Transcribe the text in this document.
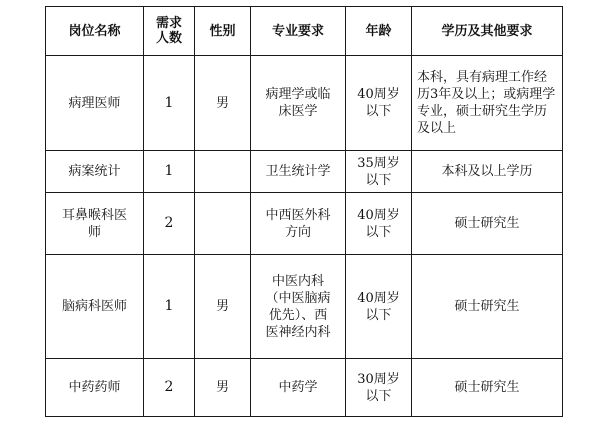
岗位名称	需求人数	性别	专业要求	年龄	学历及其他要求
病理医师	1	男	病理学或临床医学	40周岁以下	本科，具有病理工作经历3年及以上；或病理学专业，硕士研究生学历及以上
病案统计	1		卫生统计学	35周岁以下	本科及以上学历
耳鼻喉科医师	2		中西医外科方向	40周岁以下	硕士研究生
脑病科医师	1	男	中医内科（中医脑病优先）、西医神经内科	40周岁以下	硕士研究生
中药药师	2	男	中药学	30周岁以下	硕士研究生
